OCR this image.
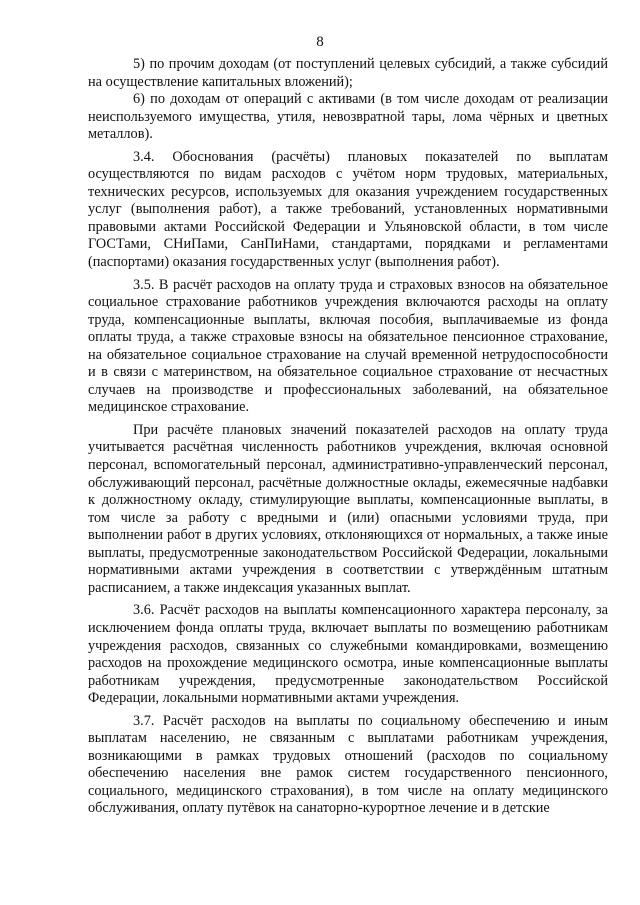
8

5) по прочим доходам (от поступлений целевых субсидий, а также субсидий на осуществление капитальных вложений);

6) по доходам от операций с активами (в том числе доходам от реализации неиспользуемого имущества, утиля, невозвратной тары, лома чёрных и цветных металлов).

3.4. Обоснования (расчёты) плановых показателей по выплатам осуществляются по видам расходов с учётом норм трудовых, материальных, технических ресурсов, используемых для оказания учреждением государственных услуг (выполнения работ), а также требований, установленных нормативными правовыми актами Российской Федерации и Ульяновской области, в том числе ГОСТами, СНиПами, СанПиНами, стандартами, порядками и регламентами (паспортами) оказания государственных услуг (выполнения работ).

3.5. В расчёт расходов на оплату труда и страховых взносов на обязательное социальное страхование работников учреждения включаются расходы на оплату труда, компенсационные выплаты, включая пособия, выплачиваемые из фонда оплаты труда, а также страховые взносы на обязательное пенсионное страхование, на обязательное социальное страхование на случай временной нетрудоспособности и в связи с материнством, на обязательное социальное страхование от несчастных случаев на производстве и профессиональных заболеваний, на обязательное медицинское страхование.

При расчёте плановых значений показателей расходов на оплату труда учитывается расчётная численность работников учреждения, включая основной персонал, вспомогательный персонал, административно-управленческий персонал, обслуживающий персонал, расчётные должностные оклады, ежемесячные надбавки к должностному окладу, стимулирующие выплаты, компенсационные выплаты, в том числе за работу с вредными и (или) опасными условиями труда, при выполнении работ в других условиях, отклоняющихся от нормальных, а также иные выплаты, предусмотренные законодательством Российской Федерации, локальными нормативными актами учреждения в соответствии с утверждённым штатным расписанием, а также индексация указанных выплат.

3.6. Расчёт расходов на выплаты компенсационного характера персоналу, за исключением фонда оплаты труда, включает выплаты по возмещению работникам учреждения расходов, связанных со служебными командировками, возмещению расходов на прохождение медицинского осмотра, иные компенсационные выплаты работникам учреждения, предусмотренные законодательством Российской Федерации, локальными нормативными актами учреждения.

3.7. Расчёт расходов на выплаты по социальному обеспечению и иным выплатам населению, не связанным с выплатами работникам учреждения, возникающими в рамках трудовых отношений (расходов по социальному обеспечению населения вне рамок систем государственного пенсионного, социального, медицинского страхования), в том числе на оплату медицинского обслуживания, оплату путёвок на санаторно-курортное лечение и в детские
